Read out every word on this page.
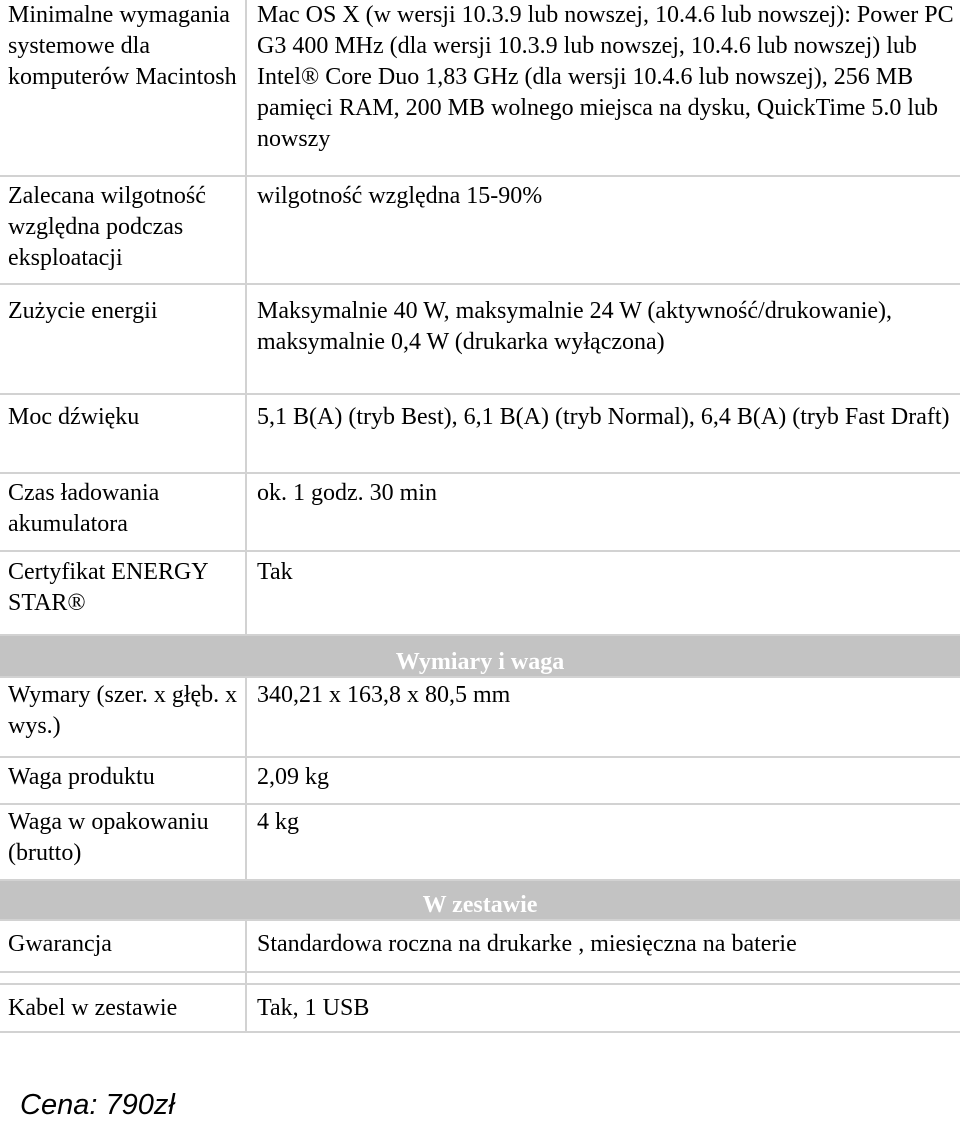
Minimalne wymagania systemowe dla komputerów Macintosh	Mac OS X (w wersji 10.3.9 lub nowszej, 10.4.6 lub nowszej): Power PC G3 400 MHz (dla wersji 10.3.9 lub nowszej, 10.4.6 lub nowszej) lub Intel® Core Duo 1,83 GHz (dla wersji 10.4.6 lub nowszej), 256 MB pamięci RAM, 200 MB wolnego miejsca na dysku, QuickTime 5.0 lub nowszy
Zalecana wilgotność względna podczas eksploatacji	wilgotność względna 15-90%
Zużycie energii	Maksymalnie 40 W, maksymalnie 24 W (aktywność/drukowanie), maksymalnie 0,4 W (drukarka wyłączona)
Moc dźwięku	5,1 B(A) (tryb Best), 6,1 B(A) (tryb Normal), 6,4 B(A) (tryb Fast Draft)
Czas ładowania akumulatora	ok. 1 godz. 30 min
Certyfikat ENERGY STAR®	Tak

Wymiary i waga	

Wymary (szer. x głęb. x wys.)	340,21 x 163,8 x 80,5 mm
Waga produktu	2,09 kg
Waga w opakowaniu (brutto)	4 kg

W zestawie	

Gwarancja	Standardowa roczna na drukarke , miesięczna na baterie

Kabel w zestawie	Tak, 1 USB
Cena: 790zł
